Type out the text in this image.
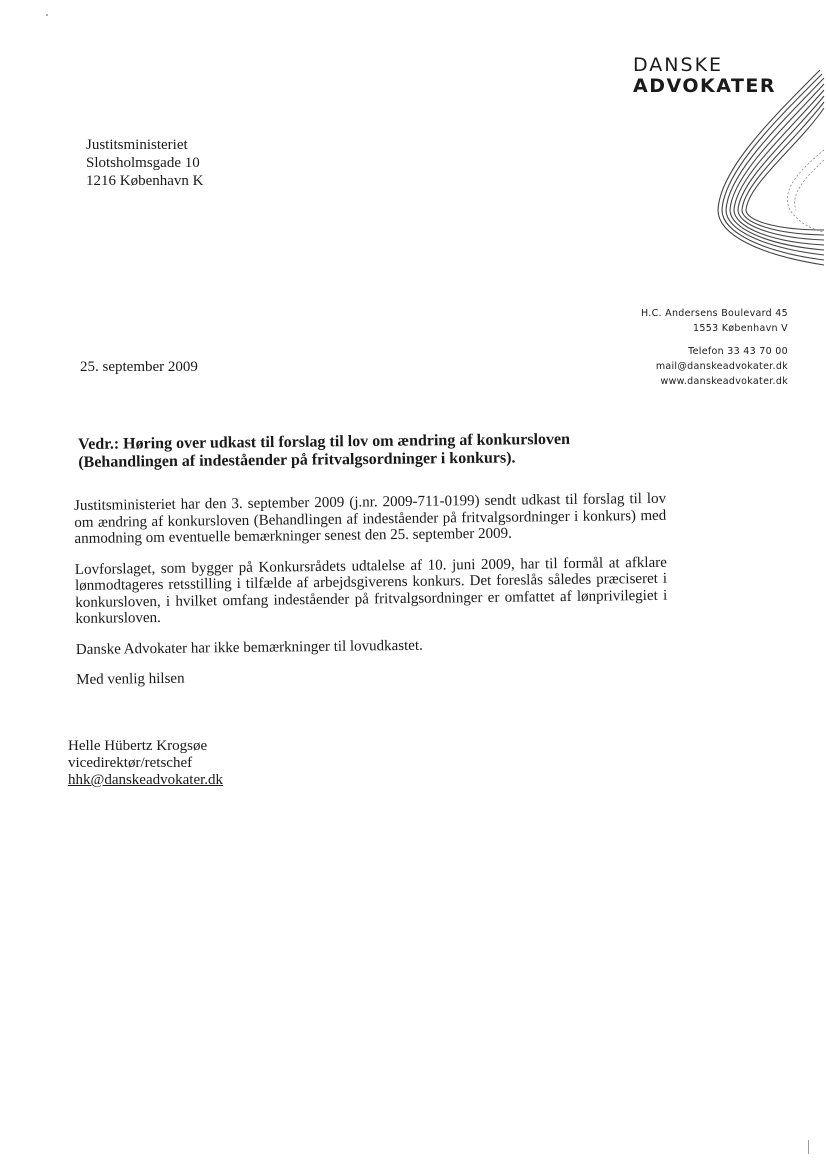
DANSKE
ADVOKATER
Justitsministeriet
Slotsholmsgade 10
1216 København K
H.C. Andersens Boulevard 45
1553 København V
Telefon 33 43 70 00
mail@danskeadvokater.dk
www.danskeadvokater.dk
25. september 2009
Vedr.: Høring over udkast til forslag til lov om ændring af konkursloven (Behandlingen af indeståender på fritvalgsordninger i konkurs).

Justitsministeriet har den 3. september 2009 (j.nr. 2009-711-0199) sendt udkast til forslag til lov om ændring af konkursloven (Behandlingen af indeståender på fritvalgsordninger i konkurs) med anmodning om eventuelle bemærkninger senest den 25. september 2009.

Lovforslaget, som bygger på Konkursrådets udtalelse af 10. juni 2009, har til formål at afklare lønmodtageres retsstilling i tilfælde af arbejdsgiverens konkurs. Det foreslås således præciseret i konkursloven, i hvilket omfang indeståender på fritvalgsordninger er omfattet af lønprivilegiet i konkursloven.

Danske Advokater har ikke bemærkninger til lovudkastet.

Med venlig hilsen

Helle Hübertz Krogsøe
vicedirektør/retschef
hhk@danskeadvokater.dk
